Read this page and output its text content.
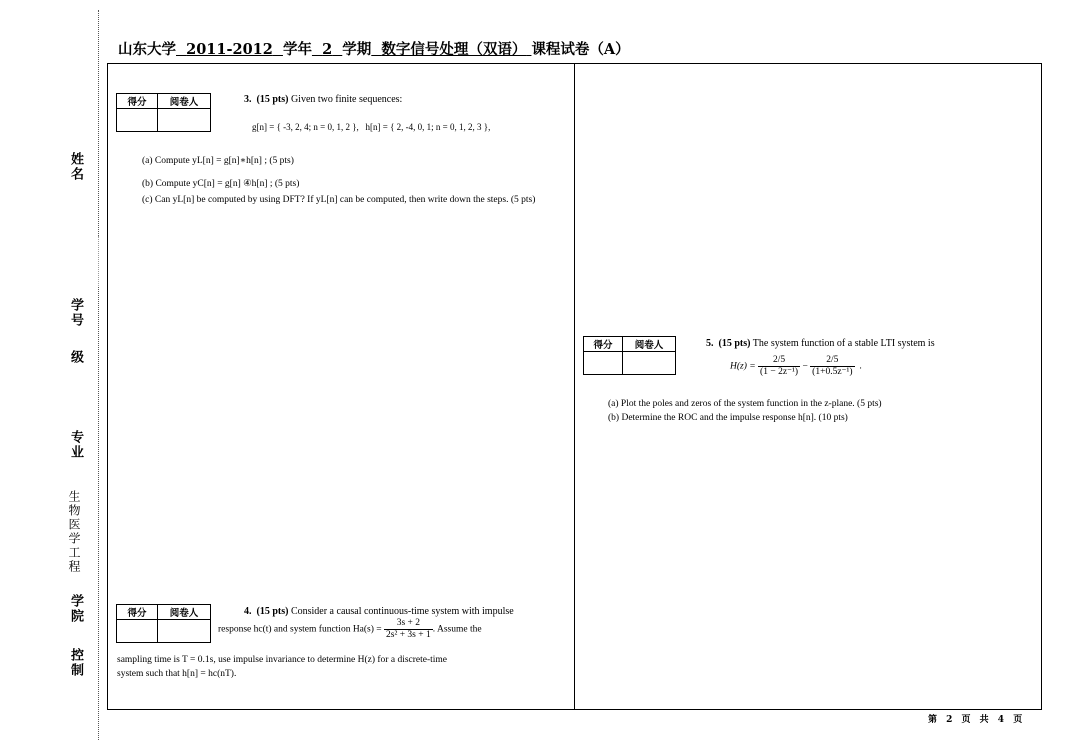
姓名
学号
级
专业
生物医学工程
学院
控制
山东大学 2011-2012 学年 2 学期 数字信号处理（双语） 课程试卷（A）
得分	阅卷人
		3. (15 pts) Given two finite sequences:
g[n] = { -3, 2, 4; n = 0, 1, 2 }, h[n] = { 2, -4, 0, 1; n = 0, 1, 2, 3 },
(a) Compute yL[n] = g[n]∗h[n] ; (5 pts)
(b) Compute yC[n] = g[n] ④h[n] ; (5 pts)
(c) Can yL[n] be computed by using DFT? If yL[n] can be computed, then write down the steps. (5 pts)
得分	阅卷人
		4. (15 pts) Consider a causal continuous-time system with impulse
response hc(t) and system function $Ha(s) = \frac{3s + 2}{\text{2s² + 3s + 1}}$ . Assume the
sampling time is T = 0.1s, use impulse invariance to determine H(z) for a discrete-time
system such that h[n] = hc(nT).
得分	阅卷人
		5. (15 pts) The system function of a stable LTI system is
$H(z) = \frac{2/5}{\text{(1 − 2z⁻¹)}} - \frac{2/5}{\text{(1+0.5z⁻¹)}}$ .
(a) Plot the poles and zeros of the system function in the z-plane. (5 pts)
(b) Determine the ROC and the impulse response h[n]. (10 pts)
第 2 页 共 4 页
